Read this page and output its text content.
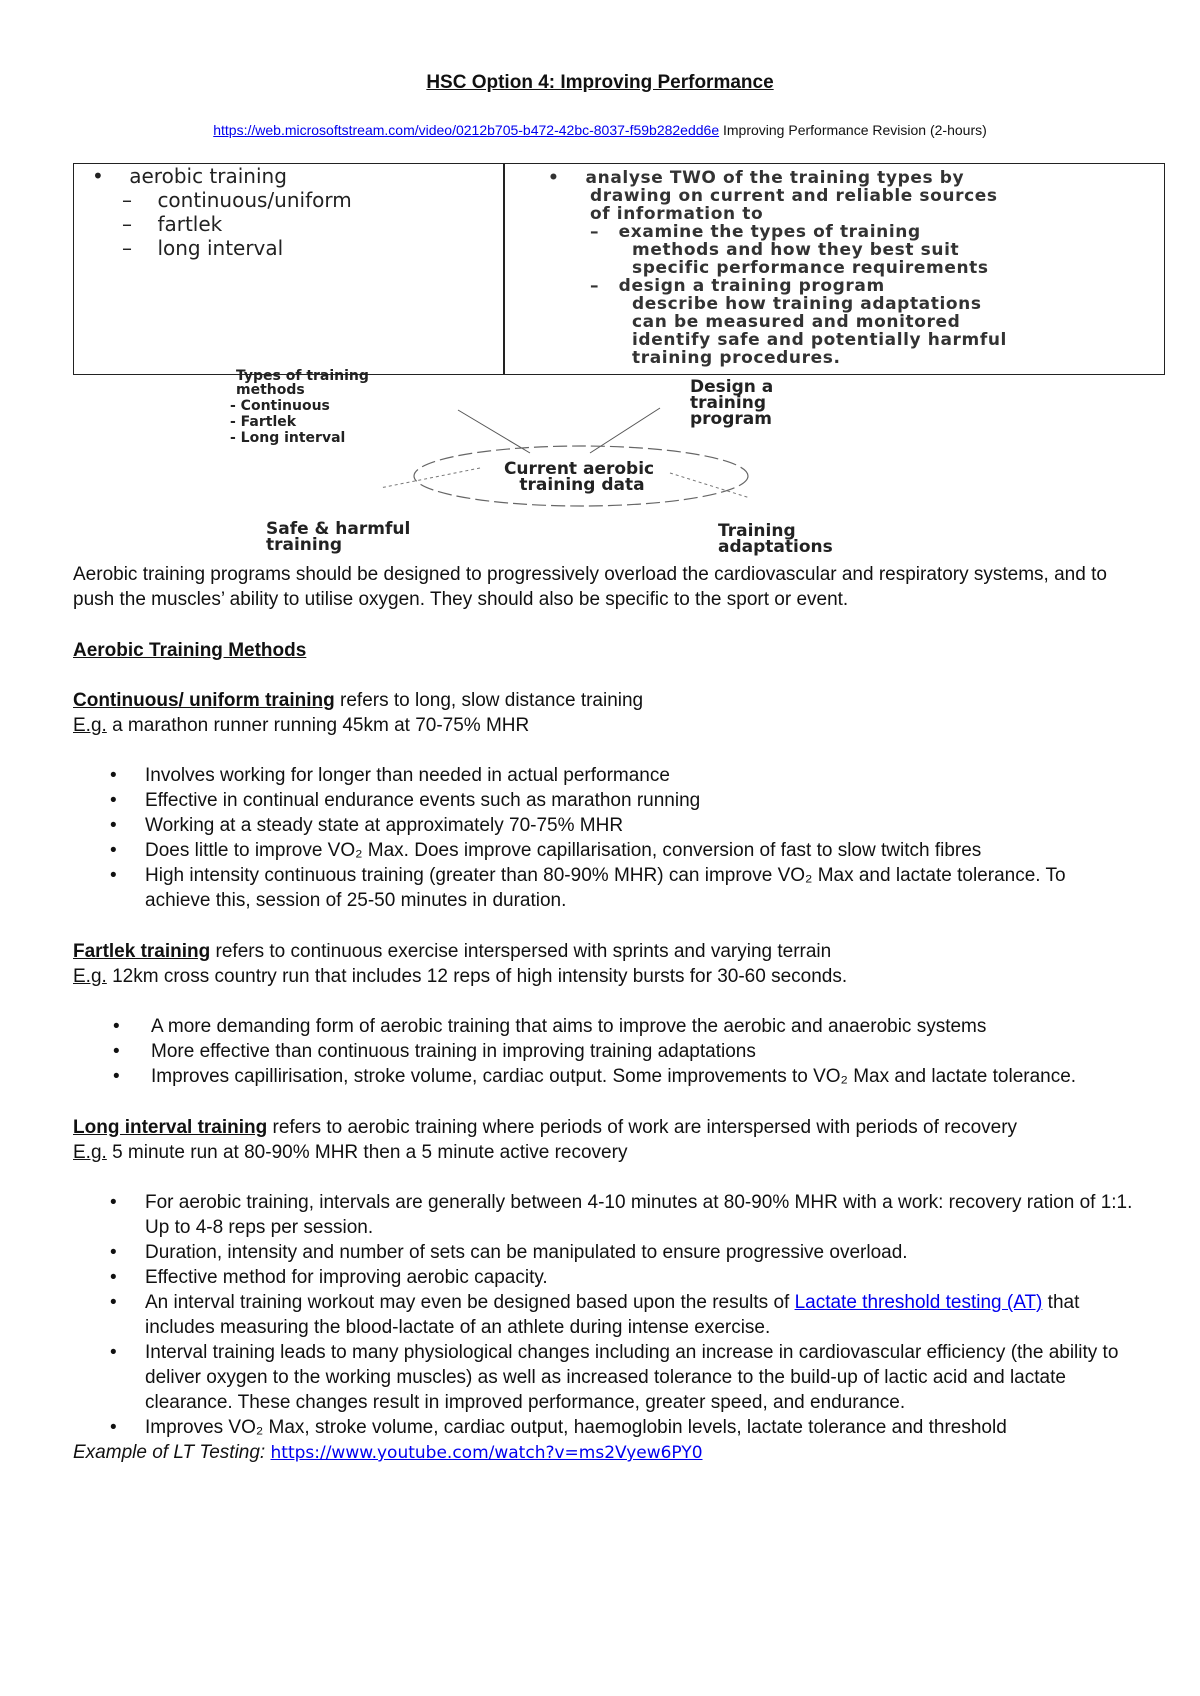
HSC Option 4: Improving Performance
https://web.microsoftstream.com/video/0212b705-b472-42bc-8037-f59b282edd6e Improving Performance Revision (2-hours)
• aerobic training
– continuous/uniform
– fartlek
– long interval
• analyse TWO of the training types by
drawing on current and reliable sources
of information to
– examine the types of training
methods and how they best suit
specific performance requirements
– design a training program
describe how training adaptations
can be measured and monitored
identify safe and potentially harmful
training procedures.
Types of training methods - Continuous - Fartlek - Long interval
Design a training program
Current aerobic training data
Safe & harmful training
Training adaptations

Aerobic training programs should be designed to progressively overload the cardiovascular and respiratory systems, and to push the muscles’ ability to utilise oxygen. They should also be specific to the sport or event.

Aerobic Training Methods

Continuous/ uniform training refers to long, slow distance training

E.g. a marathon runner running 45km at 70-75% MHR

• Involves working for longer than needed in actual performance
• Effective in continual endurance events such as marathon running
• Working at a steady state at approximately 70-75% MHR
• Does little to improve VO₂ Max. Does improve capillarisation, conversion of fast to slow twitch fibres
• High intensity continuous training (greater than 80-90% MHR) can improve VO₂ Max and lactate tolerance. To achieve this, session of 25-50 minutes in duration.

Fartlek training refers to continuous exercise interspersed with sprints and varying terrain

E.g. 12km cross country run that includes 12 reps of high intensity bursts for 30-60 seconds.

• A more demanding form of aerobic training that aims to improve the aerobic and anaerobic systems
• More effective than continuous training in improving training adaptations
• Improves capillirisation, stroke volume, cardiac output. Some improvements to VO₂ Max and lactate tolerance.

Long interval training refers to aerobic training where periods of work are interspersed with periods of recovery

E.g. 5 minute run at 80-90% MHR then a 5 minute active recovery

• For aerobic training, intervals are generally between 4-10 minutes at 80-90% MHR with a work: recovery ration of 1:1. Up to 4-8 reps per session.
• Duration, intensity and number of sets can be manipulated to ensure progressive overload.
• Effective method for improving aerobic capacity.
• An interval training workout may even be designed based upon the results of Lactate threshold testing (AT) that includes measuring the blood-lactate of an athlete during intense exercise.
• Interval training leads to many physiological changes including an increase in cardiovascular efficiency (the ability to deliver oxygen to the working muscles) as well as increased tolerance to the build-up of lactic acid and lactate clearance. These changes result in improved performance, greater speed, and endurance.
• Improves VO₂ Max, stroke volume, cardiac output, haemoglobin levels, lactate tolerance and threshold

Example of LT Testing: https://www.youtube.com/watch?v=ms2Vyew6PY0
